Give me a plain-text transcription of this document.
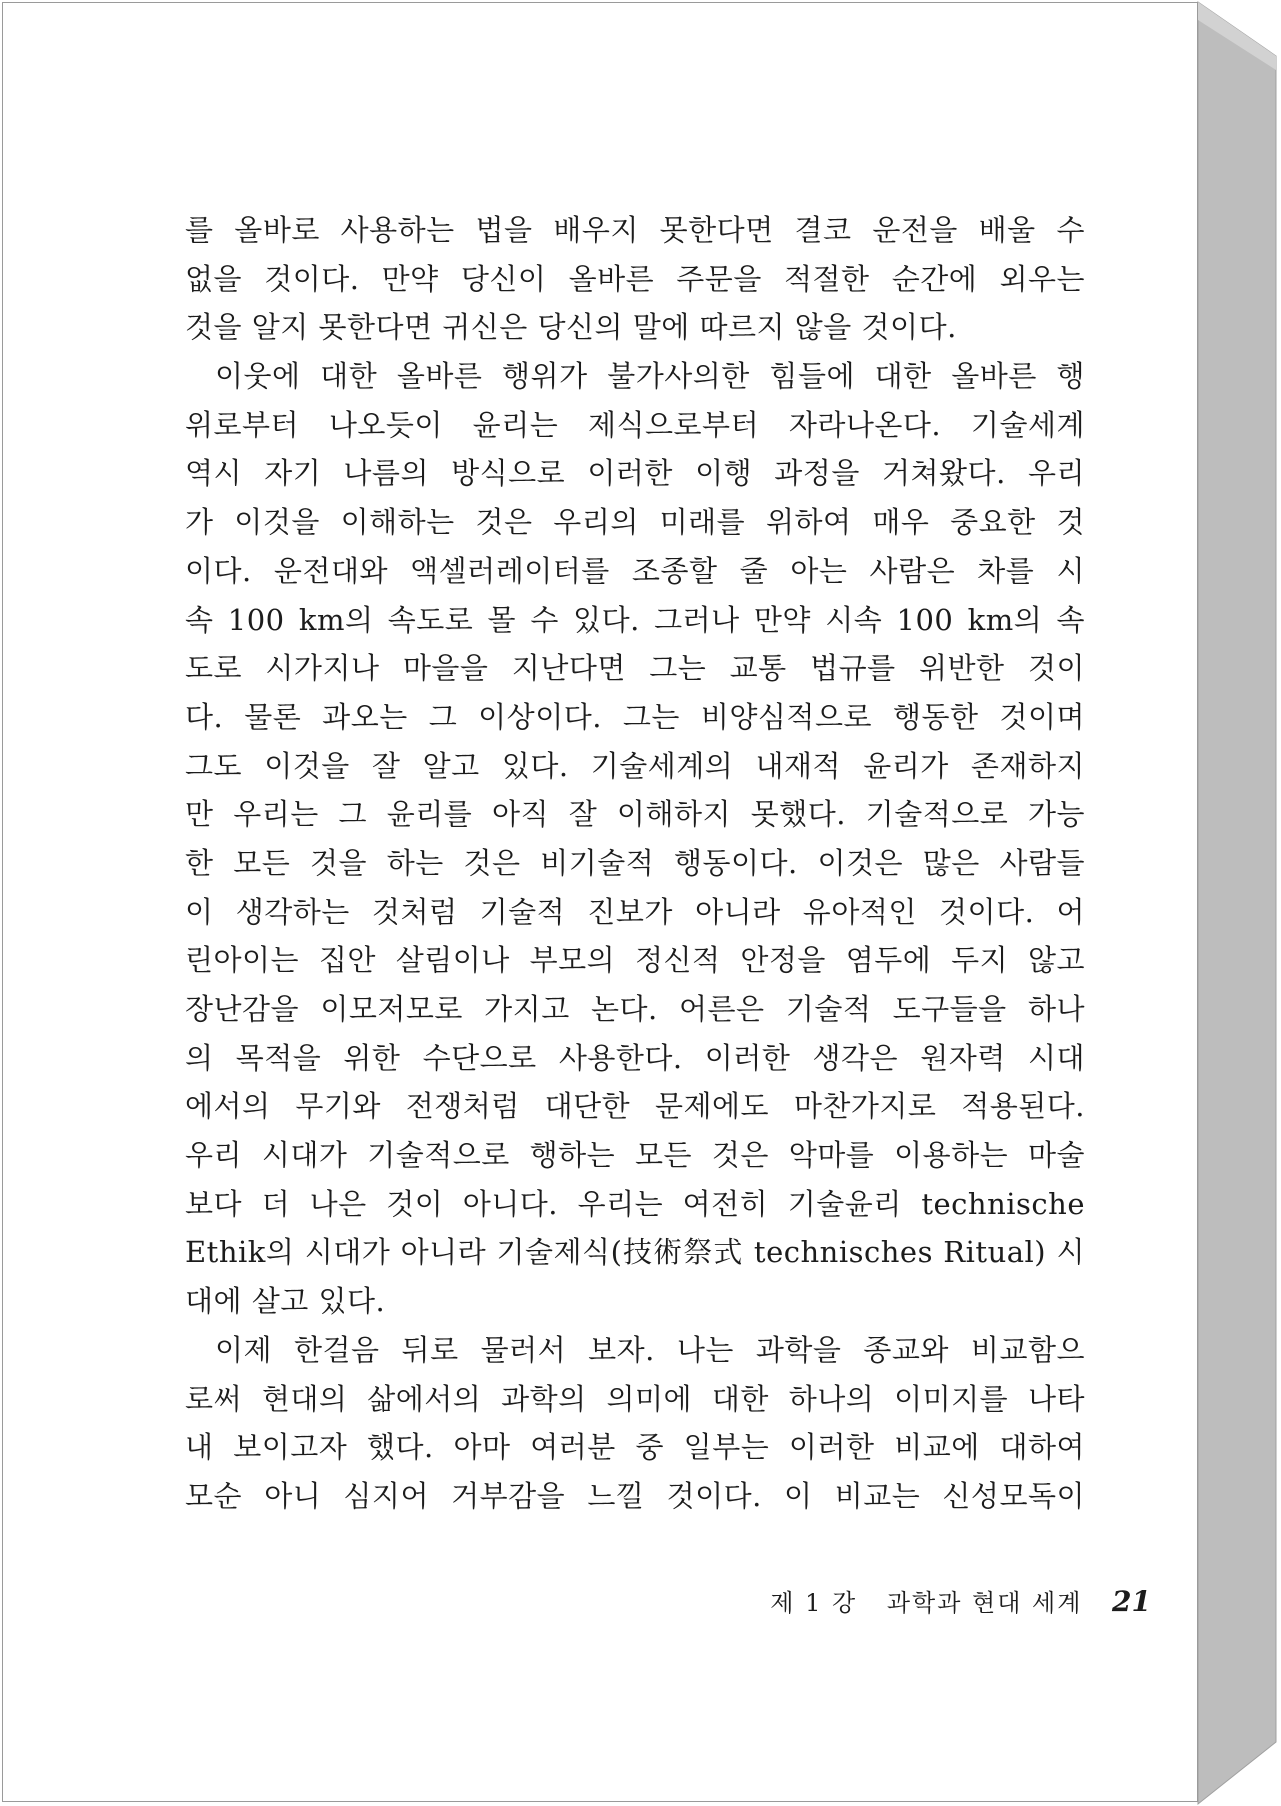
를 올바로 사용하는 법을 배우지 못한다면 결코 운전을 배울 수
없을 것이다. 만약 당신이 올바른 주문을 적절한 순간에 외우는
것을 알지 못한다면 귀신은 당신의 말에 따르지 않을 것이다.
이웃에 대한 올바른 행위가 불가사의한 힘들에 대한 올바른 행
위로부터 나오듯이 윤리는 제식으로부터 자라나온다. 기술세계
역시 자기 나름의 방식으로 이러한 이행 과정을 거쳐왔다. 우리
가 이것을 이해하는 것은 우리의 미래를 위하여 매우 중요한 것
이다. 운전대와 액셀러레이터를 조종할 줄 아는 사람은 차를 시
속 100 km의 속도로 몰 수 있다. 그러나 만약 시속 100 km의 속
도로 시가지나 마을을 지난다면 그는 교통 법규를 위반한 것이
다. 물론 과오는 그 이상이다. 그는 비양심적으로 행동한 것이며
그도 이것을 잘 알고 있다. 기술세계의 내재적 윤리가 존재하지
만 우리는 그 윤리를 아직 잘 이해하지 못했다. 기술적으로 가능
한 모든 것을 하는 것은 비기술적 행동이다. 이것은 많은 사람들
이 생각하는 것처럼 기술적 진보가 아니라 유아적인 것이다. 어
린아이는 집안 살림이나 부모의 정신적 안정을 염두에 두지 않고
장난감을 이모저모로 가지고 논다. 어른은 기술적 도구들을 하나
의 목적을 위한 수단으로 사용한다. 이러한 생각은 원자력 시대
에서의 무기와 전쟁처럼 대단한 문제에도 마찬가지로 적용된다.
우리 시대가 기술적으로 행하는 모든 것은 악마를 이용하는 마술
보다 더 나은 것이 아니다. 우리는 여전히 기술윤리 technische
Ethik의 시대가 아니라 기술제식(技術祭式 technisches Ritual) 시
대에 살고 있다.
이제 한걸음 뒤로 물러서 보자. 나는 과학을 종교와 비교함으
로써 현대의 삶에서의 과학의 의미에 대한 하나의 이미지를 나타
내 보이고자 했다. 아마 여러분 중 일부는 이러한 비교에 대하여
모순 아니 심지어 거부감을 느낄 것이다. 이 비교는 신성모독이
제 1 강 과학과 현대 세계 21
